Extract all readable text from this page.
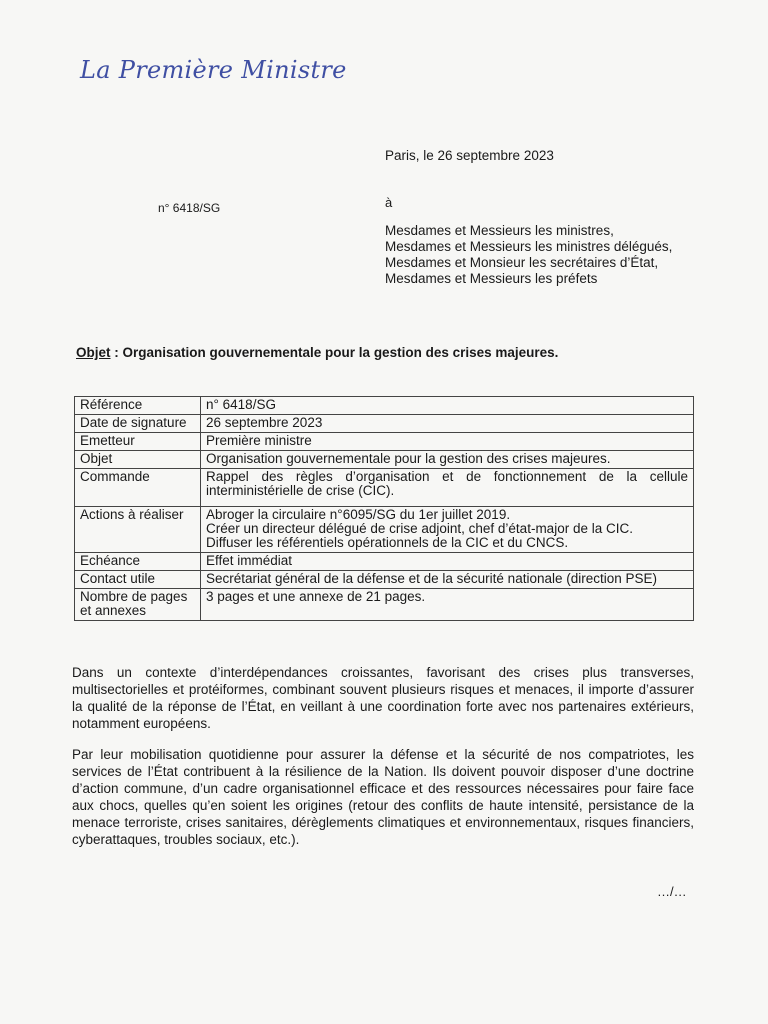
La Première Ministre
Paris, le 26 septembre 2023
n° 6418/SG	à
Mesdames et Messieurs les ministres,
Mesdames et Messieurs les ministres délégués,
Mesdames et Monsieur les secrétaires d’État,
Mesdames et Messieurs les préfets
Objet : Organisation gouvernementale pour la gestion des crises majeures.
Référence	n° 6418/SG
Date de signature	26 septembre 2023
Emetteur	Première ministre
Objet	Organisation gouvernementale pour la gestion des crises majeures.
Commande	Rappel des règles d’organisation et de fonctionnement de la cellule interministérielle de crise (CIC).
Actions à réaliser	Abroger la circulaire n°6095/SG du 1er juillet 2019.
Créer un directeur délégué de crise adjoint, chef d’état-major de la CIC.
Diffuser les référentiels opérationnels de la CIC et du CNCS.

Echéance	Effet immédiat
Contact utile	Secrétariat général de la défense et de la sécurité nationale (direction PSE)
Nombre de pages et annexes	3 pages et une annexe de 21 pages.
Dans un contexte d’interdépendances croissantes, favorisant des crises plus transverses, multisectorielles et protéiformes, combinant souvent plusieurs risques et menaces, il importe d’assurer la qualité de la réponse de l’État, en veillant à une coordination forte avec nos partenaires extérieurs, notamment européens.
Par leur mobilisation quotidienne pour assurer la défense et la sécurité de nos compatriotes, les services de l’État contribuent à la résilience de la Nation. Ils doivent pouvoir disposer d’une doctrine d’action commune, d’un cadre organisationnel efficace et des ressources nécessaires pour faire face aux chocs, quelles qu’en soient les origines (retour des conflits de haute intensité, persistance de la menace terroriste, crises sanitaires, dérèglements climatiques et environnementaux, risques financiers, cyberattaques, troubles sociaux, etc.).
…/…
